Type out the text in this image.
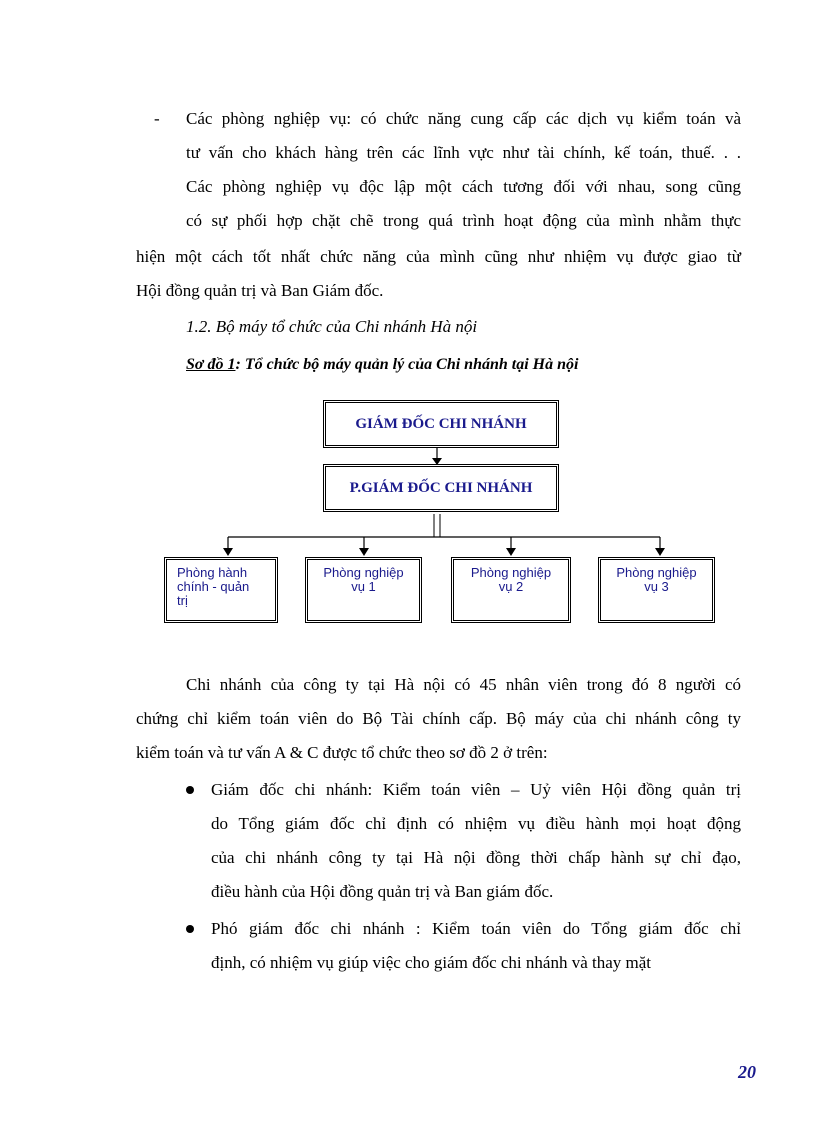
- Các phòng nghiệp vụ: có chức năng cung cấp các dịch vụ kiểm toán và
tư vấn cho khách hàng trên các lĩnh vực như tài chính, kế toán, thuế. . .
Các phòng nghiệp vụ độc lập một cách tương đối với nhau, song cũng
có sự phối hợp chặt chẽ trong quá trình hoạt động của mình nhằm thực
hiện một cách tốt nhất chức năng của mình cũng như nhiệm vụ được giao từ
Hội đồng quản trị và Ban Giám đốc.
1.2. Bộ máy tổ chức của Chi nhánh Hà nội
Sơ đồ 1: Tổ chức bộ máy quản lý của Chi nhánh tại Hà nội
GIÁM ĐỐC CHI NHÁNH
P.GIÁM ĐỐC CHI NHÁNH
Phòng hành
chính - quản
trị
Phòng nghiệp
vụ 1
Phòng nghiệp
vụ 2
Phòng nghiệp
vụ 3
Chi nhánh của công ty tại Hà nội có 45 nhân viên trong đó 8 người có
chứng chỉ kiểm toán viên do Bộ Tài chính cấp. Bộ máy của chi nhánh công ty
kiểm toán và tư vấn A & C được tổ chức theo sơ đồ 2 ở trên:
Giám đốc chi nhánh: Kiểm toán viên – Uỷ viên Hội đồng quản trị
do Tổng giám đốc chỉ định có nhiệm vụ điều hành mọi hoạt động
của chi nhánh công ty tại Hà nội đồng thời chấp hành sự chỉ đạo,
điều hành của Hội đồng quản trị và Ban giám đốc.
Phó giám đốc chi nhánh : Kiểm toán viên do Tổng giám đốc chỉ
định, có nhiệm vụ giúp việc cho giám đốc chi nhánh và thay mặt
20
